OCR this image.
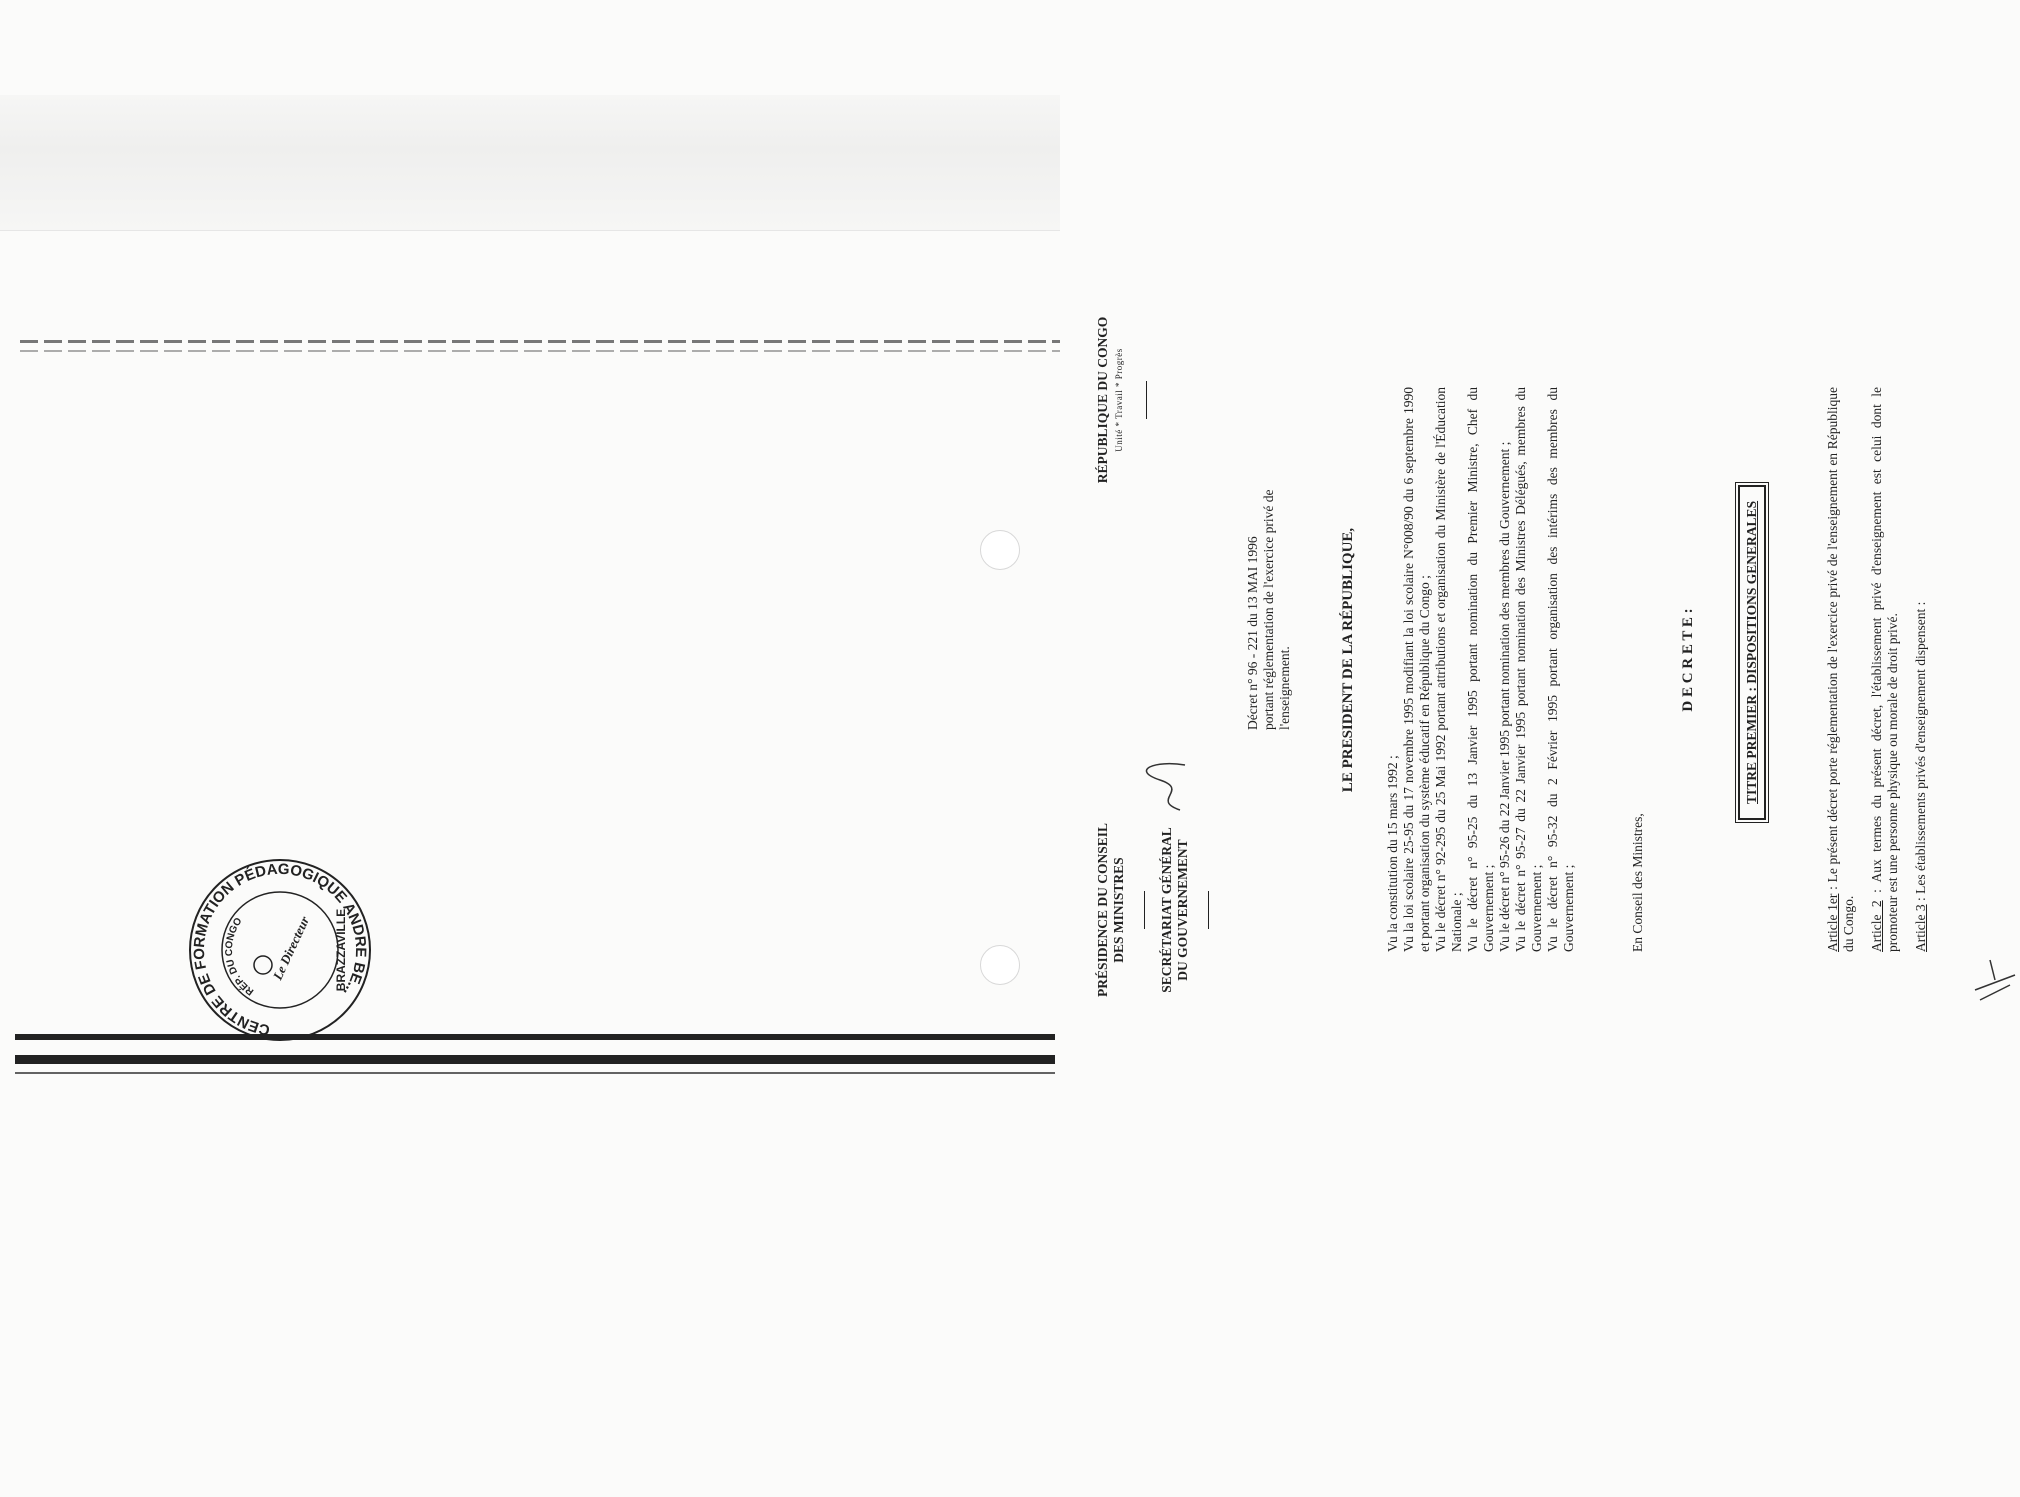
PRÉSIDENCE DU CONSEIL DES MINISTRES SECRÉTARIAT GÉNÉRAL DU GOUVERNEMENT

RÉPUBLIQUE DU CONGO Unité * Travail * Progrès

Décret n° 96 - 221 du 13 MAI 1996 portant réglementation de l'exercice privé de l'enseignement.	LE PRESIDENT DE LA RÉPUBLIQUE,

Vu la constitution du 15 mars 1992 ; Vu la loi scolaire 25-95 du 17 novembre 1995 modifiant la loi scolaire N°008/90 du 6 septembre 1990 et portant organisation du système éducatif en République du Congo ; Vu le décret n° 92-295 du 25 Mai 1992 portant attributions et organisation du Ministère de l'Éducation Nationale ; Vu le décret n° 95-25 du 13 Janvier 1995 portant nomination du Premier Ministre, Chef du Gouvernement ; Vu le décret n° 95-26 du 22 Janvier 1995 portant nomination des membres du Gouvernement ; Vu le décret n° 95-27 du 22 Janvier 1995 portant nomination des Ministres Délégués, membres du Gouvernement ; Vu le décret n° 95-32 du 2 Février 1995 portant organisation des intérims des membres du Gouvernement ;	En Conseil des Ministres,
D E C R E T E :	TITRE PREMIER : DISPOSITIONS GENERALES

Article 1er : Le présent décret porte réglementation de l'exercice privé de l'enseignement en République du Congo. Article 2 : Aux termes du présent décret, l'établissement privé d'enseignement est celui dont le promoteur est une personne physique ou morale de droit privé. Article 3 : Les établissements privés d'enseignement dispensent :

CENTRE DE FORMATION PÉDAGOGIQUE ANDRE BE...
RÉP. DU CONGO	BRAZZAVILLE
Le Directeur
